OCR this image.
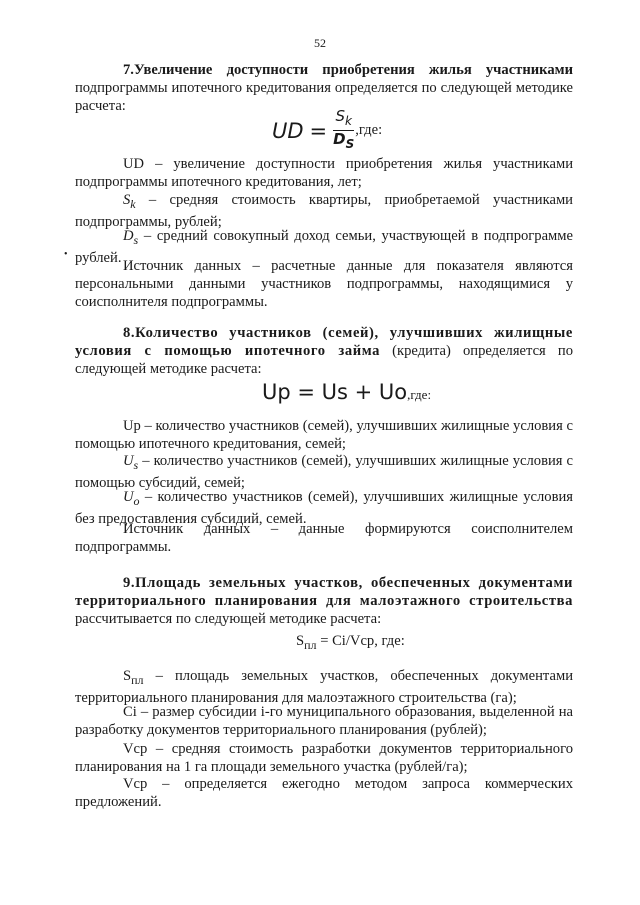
52
7.Увеличение доступности приобретения жилья участниками подпрограммы ипотечного кредитования определяется по следующей методике расчета:
UD = $\frac{S_k}{D_S} ,где$:
UD – увеличение доступности приобретения жилья участниками подпрограммы ипотечного кредитования, лет;
$S_k$ – средняя стоимость квартиры, приобретаемой участниками подпрограммы, рублей;
$D_s$ – средний совокупный доход семьи, участвующей в подпрограмме рублей.
•
Источник данных – расчетные данные для показателя являются персональными данными участников подпрограммы, находящимися у соисполнителя подпрограммы.
8.Количество участников (семей), улучшивших жилищные условия с помощью ипотечного займа (кредита) определяется по следующей методике расчета:
Up = Us + Uo,где:
Up – количество участников (семей), улучшивших жилищные условия с помощью ипотечного кредитования, семей;
$U_s$ – количество участников (семей), улучшивших жилищные условия с помощью субсидий, семей;
$U_o$ – количество участников (семей), улучшивших жилищные условия без предоставления субсидий, семей.
Источник данных – данные формируются соисполнителем подпрограммы.
9.Площадь земельных участков, обеспеченных документами территориального планирования для малоэтажного строительства рассчитывается по следующей методике расчета:
$S_{пл} = Ci/Vср$, где:
$S_{пл}$ – площадь земельных участков, обеспеченных документами территориального планирования для малоэтажного строительства (га);
Ci – размер субсидии i-го муниципального образования, выделенной на разработку документов территориального планирования (рублей);
Vср – средняя стоимость разработки документов территориального планирования на 1 га площади земельного участка (рублей/га);
Vср – определяется ежегодно методом запроса коммерческих предложений.
